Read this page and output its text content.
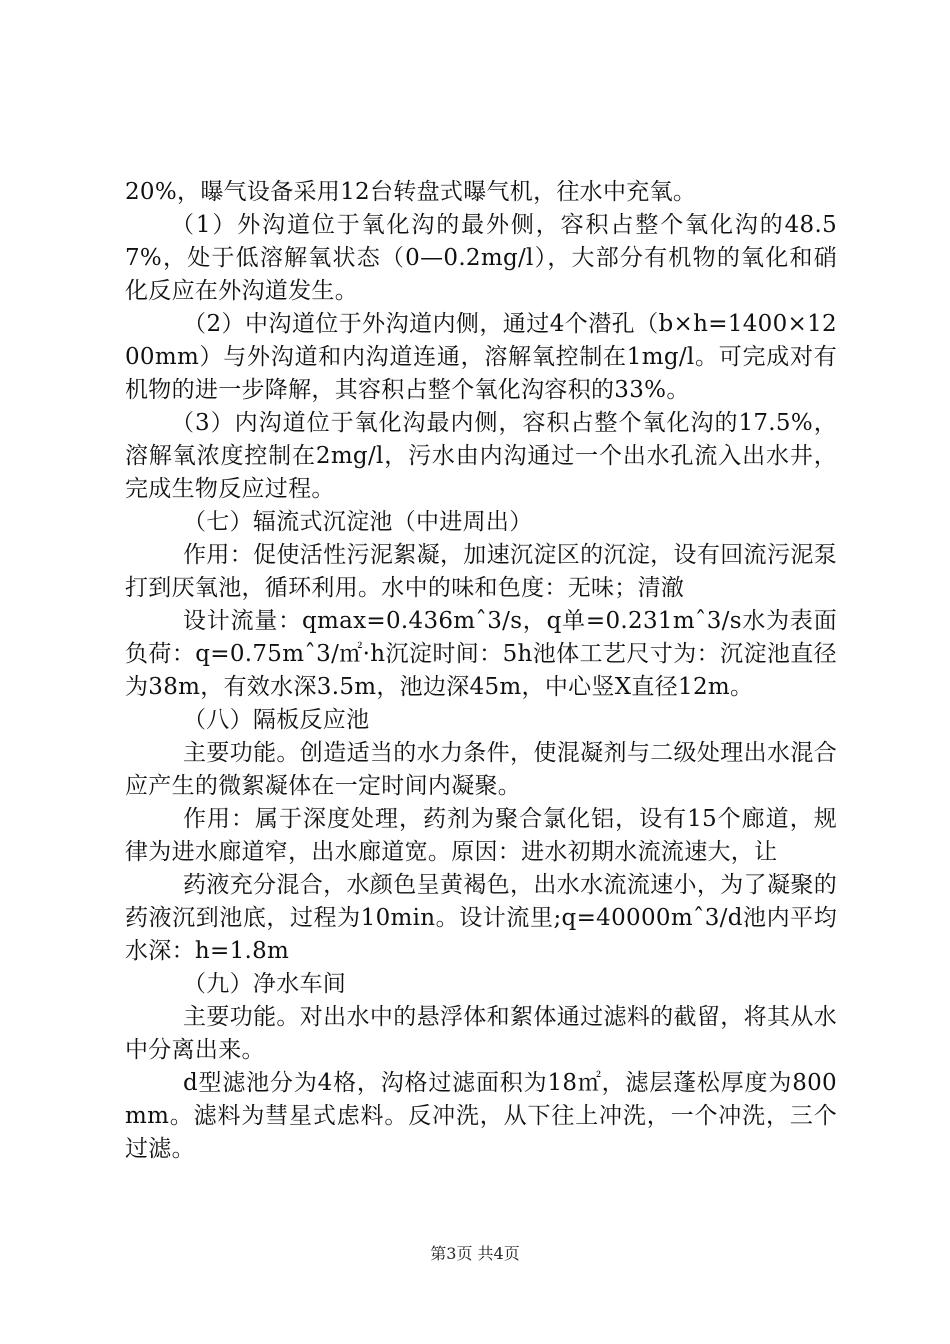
20%，曝气设备采用12台转盘式曝气机，往水中充氧。

（1）外沟道位于氧化沟的最外侧，容积占整个氧化沟的48.57%，处于低溶解氧状态（0—0.2mg/l），大部分有机物的氧化和硝化反应在外沟道发生。

（2）中沟道位于外沟道内侧，通过4个潜孔（b×h=1400×1200mm）与外沟道和内沟道连通，溶解氧控制在1mg/l。可完成对有机物的进一步降解，其容积占整个氧化沟容积的33%。

（3）内沟道位于氧化沟最内侧，容积占整个氧化沟的17.5%，溶解氧浓度控制在2mg/l，污水由内沟通过一个出水孔流入出水井，完成生物反应过程。

（七）辐流式沉淀池（中进周出）

作用：促使活性污泥絮凝，加速沉淀区的沉淀，设有回流污泥泵打到厌氧池，循环利用。水中的味和色度：无味；清澈

设计流量：qmax=0.436mˆ3/s，q单=0.231mˆ3/s水为表面负荷：q=0.75mˆ3/㎡·h沉淀时间：5h池体工艺尺寸为：沉淀池直径为38m，有效水深3.5m，池边深45m，中心竖X直径12m。

（八）隔板反应池

主要功能。创造适当的水力条件，使混凝剂与二级处理出水混合应产生的微絮凝体在一定时间内凝聚。

作用：属于深度处理，药剂为聚合氯化铝，设有15个廊道，规律为进水廊道窄，出水廊道宽。原因：进水初期水流流速大，让

药液充分混合，水颜色呈黄褐色，出水水流流速小，为了凝聚的药液沉到池底，过程为10min。设计流里;q=40000mˆ3/d池内平均水深：h=1.8m

（九）净水车间

主要功能。对出水中的悬浮体和絮体通过滤料的截留，将其从水中分离出来。

d型滤池分为4格，沟格过滤面积为18㎡，滤层蓬松厚度为800mm。滤料为彗星式虑料。反冲洗，从下往上冲洗，一个冲洗，三个过滤。

第3页 共4页
